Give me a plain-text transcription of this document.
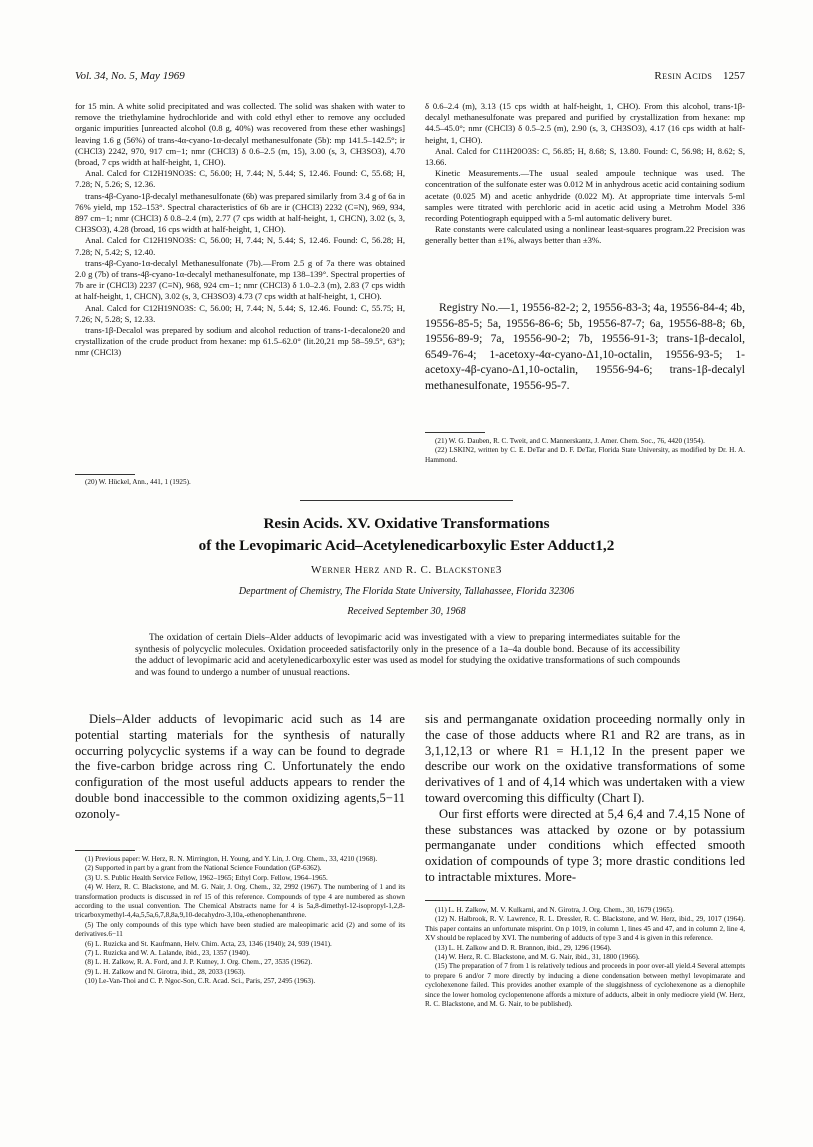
Vol. 34, No. 5, May 1969	Resin Acids 1257

for 15 min. A white solid precipitated and was collected. The solid was shaken with water to remove the triethylamine hydrochloride and with cold ethyl ether to remove any occluded organic impurities [unreacted alcohol (0.8 g, 40%) was recovered from these ether washings] leaving 1.6 g (56%) of trans-4α-cyano-1α-decalyl methanesulfonate (5b): mp 141.5–142.5°; ir (CHCl3) 2242, 970, 917 cm−1; nmr (CHCl3) δ 0.6–2.5 (m, 15), 3.00 (s, 3, CH3SO3), 4.70 (broad, 7 cps width at half-height, 1, CHO).

Anal. Calcd for C12H19NO3S: C, 56.00; H, 7.44; N, 5.44; S, 12.46. Found: C, 55.68; H, 7.28; N, 5.26; S, 12.36.

trans-4β-Cyano-1β-decalyl methanesulfonate (6b) was prepared similarly from 3.4 g of 6a in 76% yield, mp 152–153°. Spectral characteristics of 6b are ir (CHCl3) 2232 (C≡N), 969, 934, 897 cm−1; nmr (CHCl3) δ 0.8–2.4 (m), 2.77 (7 cps width at half-height, 1, CHCN), 3.02 (s, 3, CH3SO3), 4.28 (broad, 16 cps width at half-height, 1, CHO).

Anal. Calcd for C12H19NO3S: C, 56.00; H, 7.44; N, 5.44; S, 12.46. Found: C, 56.28; H, 7.28; N, 5.42; S, 12.40.

trans-4β-Cyano-1α-decalyl Methanesulfonate (7b).—From 2.5 g of 7a there was obtained 2.0 g (7b) of trans-4β-cyano-1α-decalyl methanesulfonate, mp 138–139°. Spectral properties of 7b are ir (CHCl3) 2237 (C≡N), 968, 924 cm−1; nmr (CHCl3) δ 1.0–2.3 (m), 2.83 (7 cps width at half-height, 1, CHCN), 3.02 (s, 3, CH3SO3) 4.73 (7 cps width at half-height, 1, CHO).

Anal. Calcd for C12H19NO3S: C, 56.00; H, 7.44; N, 5.44; S, 12.46. Found: C, 55.75; H, 7.26; N, 5.28; S, 12.33.

trans-1β-Decalol was prepared by sodium and alcohol reduction of trans-1-decalone20 and crystallization of the crude product from hexane: mp 61.5–62.0° (lit.20,21 mp 58–59.5°, 63°); nmr (CHCl3)

δ 0.6–2.4 (m), 3.13 (15 cps width at half-height, 1, CHO). From this alcohol, trans-1β-decalyl methanesulfonate was prepared and purified by crystallization from hexane: mp 44.5–45.0°; nmr (CHCl3) δ 0.5–2.5 (m), 2.90 (s, 3, CH3SO3), 4.17 (16 cps width at half-height, 1, CHO).

Anal. Calcd for C11H20O3S: C, 56.85; H, 8.68; S, 13.80. Found: C, 56.98; H, 8.62; S, 13.66.

Kinetic Measurements.—The usual sealed ampoule technique was used. The concentration of the sulfonate ester was 0.012 M in anhydrous acetic acid containing sodium acetate (0.025 M) and acetic anhydride (0.022 M). At appropriate time intervals 5-ml samples were titrated with perchloric acid in acetic acid using a Metrohm Model 336 recording Potentiograph equipped with a 5-ml automatic delivery buret.

Rate constants were calculated using a nonlinear least-squares program.22 Precision was generally better than ±1%, always better than ±3%.

Registry No.—1, 19556-82-2; 2, 19556-83-3; 4a, 19556-84-4; 4b, 19556-85-5; 5a, 19556-86-6; 5b, 19556-87-7; 6a, 19556-88-8; 6b, 19556-89-9; 7a, 19556-90-2; 7b, 19556-91-3; trans-1β-decalol, 6549-76-4; 1-acetoxy-4α-cyano-Δ1,10-octalin, 19556-93-5; 1-acetoxy-4β-cyano-Δ1,10-octalin, 19556-94-6; trans-1β-decalyl methanesulfonate, 19556-95-7.

(20) W. Hückel, Ann., 441, 1 (1925).

(21) W. G. Dauben, R. C. Tweit, and C. Mannerskantz, J. Amer. Chem. Soc., 76, 4420 (1954).

(22) LSKIN2, written by C. E. DeTar and D. F. DeTar, Florida State University, as modified by Dr. H. A. Hammond.

Resin Acids. XV. Oxidative Transformations
of the Levopimaric Acid–Acetylenedicarboxylic Ester Adduct1,2
Werner Herz and R. C. Blackstone3
Department of Chemistry, The Florida State University, Tallahassee, Florida 32306
Received September 30, 1968
The oxidation of certain Diels–Alder adducts of levopimaric acid was investigated with a view to preparing intermediates suitable for the synthesis of polycyclic molecules. Oxidation proceeded satisfactorily only in the presence of a 1a–4a double bond. Because of its accessibility the adduct of levopimaric acid and acetylenedicarboxylic ester was used as model for studying the oxidative transformations of such compounds and was found to undergo a number of unusual reactions.

Diels–Alder adducts of levopimaric acid such as 14 are potential starting materials for the synthesis of naturally occurring polycyclic systems if a way can be found to degrade the five-carbon bridge across ring C. Unfortunately the endo configuration of the most useful adducts appears to render the double bond inaccessible to the common oxidizing agents,5−11 ozonoly-

sis and permanganate oxidation proceeding normally only in the case of those adducts where R1 and R2 are trans, as in 3,1,12,13 or where R1 = H.1,12 In the present paper we describe our work on the oxidative transformations of some derivatives of 1 and of 4,14 which was undertaken with a view toward overcoming this difficulty (Chart I).

Our first efforts were directed at 5,4 6,4 and 7.4,15 None of these substances was attacked by ozone or by potassium permanganate under conditions which effected smooth oxidation of compounds of type 3; more drastic conditions led to intractable mixtures. More-

(1) Previous paper: W. Herz, R. N. Mirrington, H. Young, and Y. Lin, J. Org. Chem., 33, 4210 (1968).

(2) Supported in part by a grant from the National Science Foundation (GP-6362).

(3) U. S. Public Health Service Fellow, 1962–1965; Ethyl Corp. Fellow, 1964–1965.

(4) W. Herz, R. C. Blackstone, and M. G. Nair, J. Org. Chem., 32, 2992 (1967). The numbering of 1 and its transformation products is discussed in ref 15 of this reference. Compounds of type 4 are numbered as shown according to the usual convention. The Chemical Abstracts name for 4 is 5a,8-dimethyl-12-isopropyl-1,2,8-tricarboxymethyl-4,4a,5,5a,6,7,8,8a,9,10-decahydro-3,10a,-ethenophenanthrene.

(5) The only compounds of this type which have been studied are maleopimaric acid (2) and some of its derivatives.6−11

(6) L. Ruzicka and St. Kaufmann, Helv. Chim. Acta, 23, 1346 (1940); 24, 939 (1941).

(7) L. Ruzicka and W. A. Lalande, ibid., 23, 1357 (1940).

(8) L. H. Zalkow, R. A. Ford, and J. P. Kutney, J. Org. Chem., 27, 3535 (1962).

(9) L. H. Zalkow and N. Girotra, ibid., 28, 2033 (1963).

(10) Le-Van-Thoi and C. P. Ngoc-Son, C.R. Acad. Sci., Paris, 257, 2495 (1963).

(11) L. H. Zalkow, M. V. Kulkarni, and N. Girotra, J. Org. Chem., 30, 1679 (1965).

(12) N. Halbrook, R. V. Lawrence, R. L. Dressler, R. C. Blackstone, and W. Herz, ibid., 29, 1017 (1964). This paper contains an unfortunate misprint. On p 1019, in column 1, lines 45 and 47, and in column 2, line 4, XV should be replaced by XVI. The numbering of adducts of type 3 and 4 is given in this reference.

(13) L. H. Zalkow and D. R. Brannon, ibid., 29, 1296 (1964).

(14) W. Herz, R. C. Blackstone, and M. G. Nair, ibid., 31, 1800 (1966).

(15) The preparation of 7 from 1 is relatively tedious and proceeds in poor over-all yield.4 Several attempts to prepare 6 and/or 7 more directly by inducing a diene condensation between methyl levopimarate and cyclohexenone failed. This provides another example of the sluggishness of cyclohexenone as a dienophile since the lower homolog cyclopentenone affords a mixture of adducts, albeit in only mediocre yield (W. Herz, R. C. Blackstone, and M. G. Nair, to be published).
